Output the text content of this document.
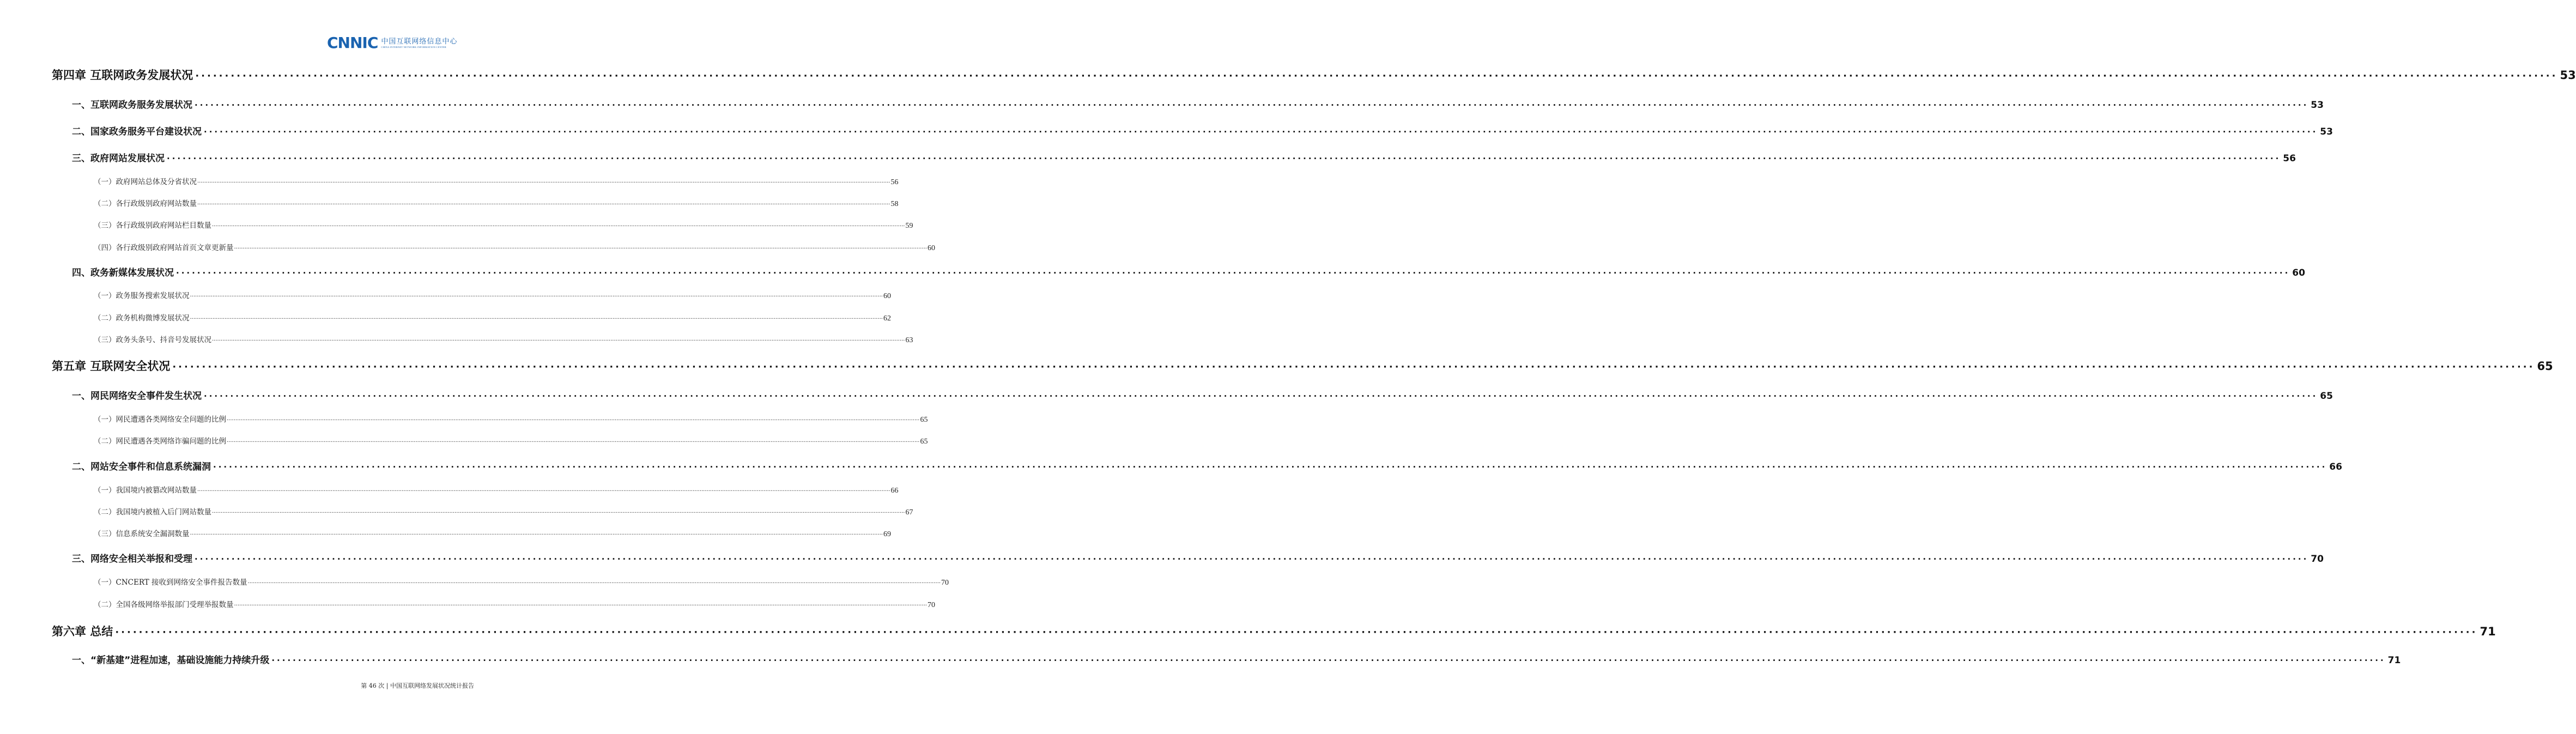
CNNIC 中国互联网络信息中心
CHINA INTERNET NETWORK INFORMATION CENTER
第四章 互联网政务发展状况 ················································································································································································································································································································································································································ 53
一、互联网政务服务发展状况 ················································································································································································································································································································································································································ 53
二、国家政务服务平台建设状况 ················································································································································································································································································································································································································ 53
三、政府网站发展状况 ················································································································································································································································································································································································································ 56
（一）政府网站总体及分省状况 ················································································································································································································································································································································································································ 56
（二）各行政级别政府网站数量 ················································································································································································································································································································································································································ 58
（三）各行政级别政府网站栏目数量 ················································································································································································································································································································································································································ 59
（四）各行政级别政府网站首页文章更新量 ················································································································································································································································································································································································································ 60
四、政务新媒体发展状况 ················································································································································································································································································································································································································ 60
（一）政务服务搜索发展状况 ················································································································································································································································································································································································································ 60
（二）政务机构微博发展状况 ················································································································································································································································································································································································································ 62
（三）政务头条号、抖音号发展状况 ················································································································································································································································································································································································································ 63
第五章 互联网安全状况 ················································································································································································································································································································································································································ 65
一、网民网络安全事件发生状况 ················································································································································································································································································································································································································ 65
（一）网民遭遇各类网络安全问题的比例 ················································································································································································································································································································································································································ 65
（二）网民遭遇各类网络诈骗问题的比例 ················································································································································································································································································································································································································ 65
二、网站安全事件和信息系统漏洞 ················································································································································································································································································································································································································ 66
（一）我国境内被篡改网站数量 ················································································································································································································································································································································································································ 66
（二）我国境内被植入后门网站数量 ················································································································································································································································································································································································································ 67
（三）信息系统安全漏洞数量 ················································································································································································································································································································································································································ 69
三、网络安全相关举报和受理 ················································································································································································································································································································································································································ 70
（一）CNCERT 接收到网络安全事件报告数量 ················································································································································································································································································································································································································ 70
（二）全国各级网络举报部门受理举报数量 ················································································································································································································································································································································································································ 70
第六章 总结 ················································································································································································································································································································································································································ 71
一、“新基建”进程加速，基础设施能力持续升级 ················································································································································································································································································································································································································ 71
第 46 次 | 中国互联网络发展状况统计报告
